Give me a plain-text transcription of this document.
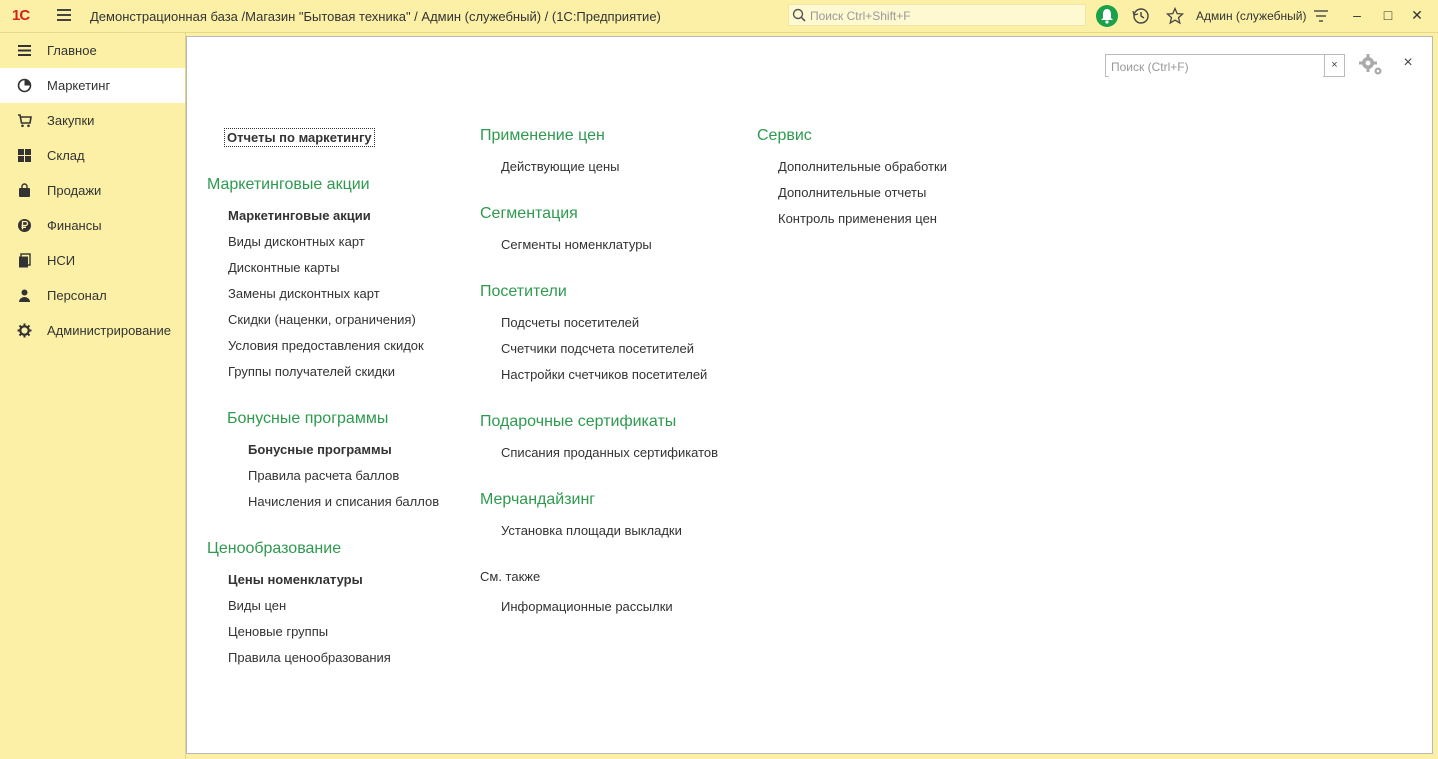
1С	Демонстрационная база /Магазин "Бытовая техника" / Админ (служебный) / (1С:Предприятие)	Поиск Ctrl+Shift+F	Админ (служебный)	– □ ✕
Главное
Маркетинг
Закупки
Склад
Продажи
Финансы
НСИ
Персонал
Администрирование
Поиск (Ctrl+F)
×	×
Отчеты по маркетингу
Маркетинговые акции
Маркетинговые акции
Виды дисконтных карт
Дисконтные карты
Замены дисконтных карт
Скидки (наценки, ограничения)
Условия предоставления скидок
Группы получателей скидки
Бонусные программы
Бонусные программы
Правила расчета баллов
Начисления и списания баллов
Ценообразование
Цены номенклатуры
Виды цен
Ценовые группы
Правила ценообразования
Применение цен
Действующие цены
Сегментация
Сегменты номенклатуры
Посетители
Подсчеты посетителей
Счетчики подсчета посетителей
Настройки счетчиков посетителей
Подарочные сертификаты
Списания проданных сертификатов
Мерчандайзинг
Установка площади выкладки
См. также
Информационные рассылки
Сервис
Дополнительные обработки
Дополнительные отчеты
Контроль применения цен
